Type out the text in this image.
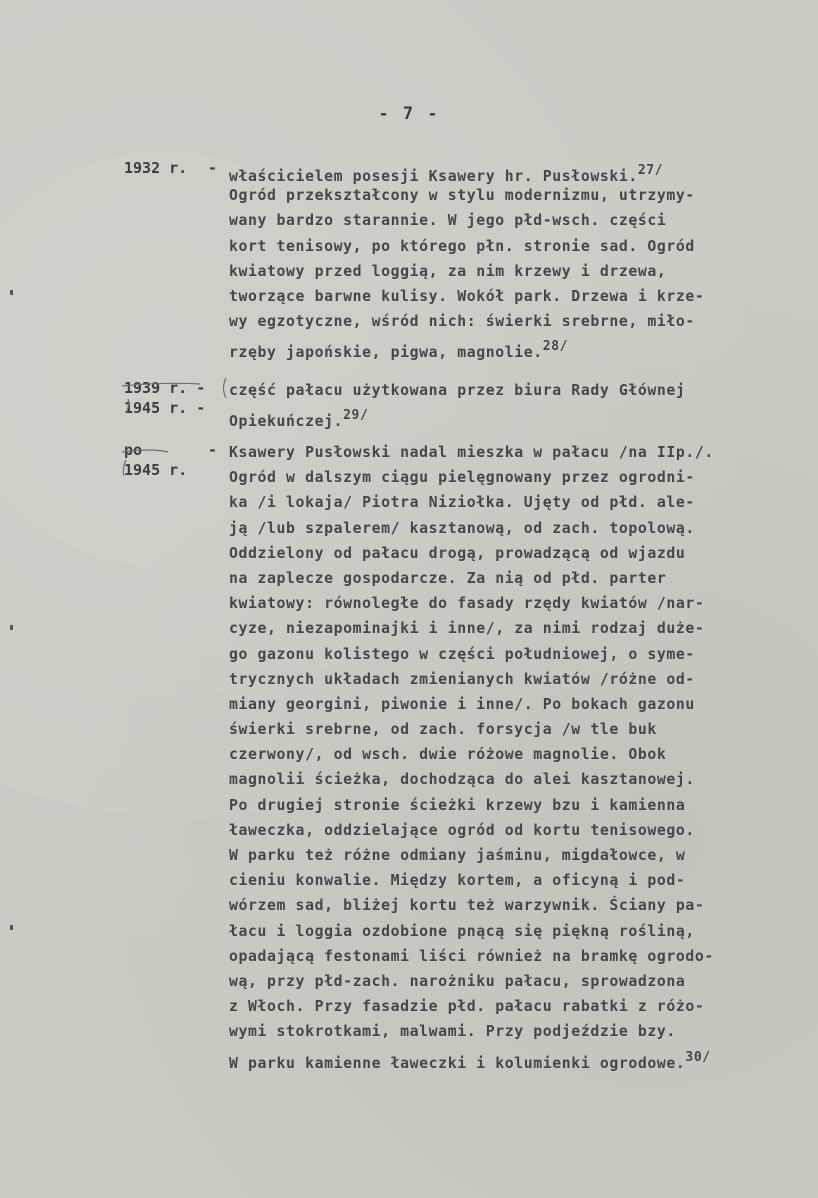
- 7 -
1932 r.	- właścicielem posesji Ksawery hr. Pusłowski.$^{27/}$
Ogród przekształcony w stylu modernizmu, utrzymy-
wany bardzo starannie. W jego płd-wsch. części
kort tenisowy, po którego płn. stronie sad. Ogród
kwiatowy przed loggią, za nim krzewy i drzewa,
tworzące barwne kulisy. Wokół park. Drzewa i krze-
wy egzotyczne, wśród nich: świerki srebrne, miło-
rzęby japońskie, pigwa, magnolie.$^{28/}$
1939 r. -
1945 r. -
część pałacu użytkowana przez biura Rady Głównej
Opiekuńczej.$^{29/}$
po
1945 r.
- Ksawery Pusłowski nadal mieszka w pałacu /na IIp./.
Ogród w dalszym ciągu pielęgnowany przez ogrodni-
ka /i lokaja/ Piotra Niziołka. Ujęty od płd. ale-
ją /lub szpalerem/ kasztanową, od zach. topolową.
Oddzielony od pałacu drogą, prowadzącą od wjazdu
na zaplecze gospodarcze. Za nią od płd. parter
kwiatowy: równoległe do fasady rzędy kwiatów /nar-
cyze, niezapominajki i inne/, za nimi rodzaj duże-
go gazonu kolistego w części południowej, o syme-
trycznych układach zmienianych kwiatów /różne od-
miany georgini, piwonie i inne/. Po bokach gazonu
świerki srebrne, od zach. forsycja /w tle buk
czerwony/, od wsch. dwie różowe magnolie. Obok
magnolii ścieżka, dochodząca do alei kasztanowej.
Po drugiej stronie ścieżki krzewy bzu i kamienna
ławeczka, oddzielające ogród od kortu tenisowego.
W parku też różne odmiany jaśminu, migdałowce, w
cieniu konwalie. Między kortem, a oficyną i pod-
wórzem sad, bliżej kortu też warzywnik. Ściany pa-
łacu i loggia ozdobione pnącą się piękną rośliną,
opadającą festonami liści również na bramkę ogrodo-
wą, przy płd-zach. narożniku pałacu, sprowadzona
z Włoch. Przy fasadzie płd. pałacu rabatki z różo-
wymi stokrotkami, malwami. Przy podjeździe bzy.
W parku kamienne ławeczki i kolumienki ogrodowe.$^{30/}$
